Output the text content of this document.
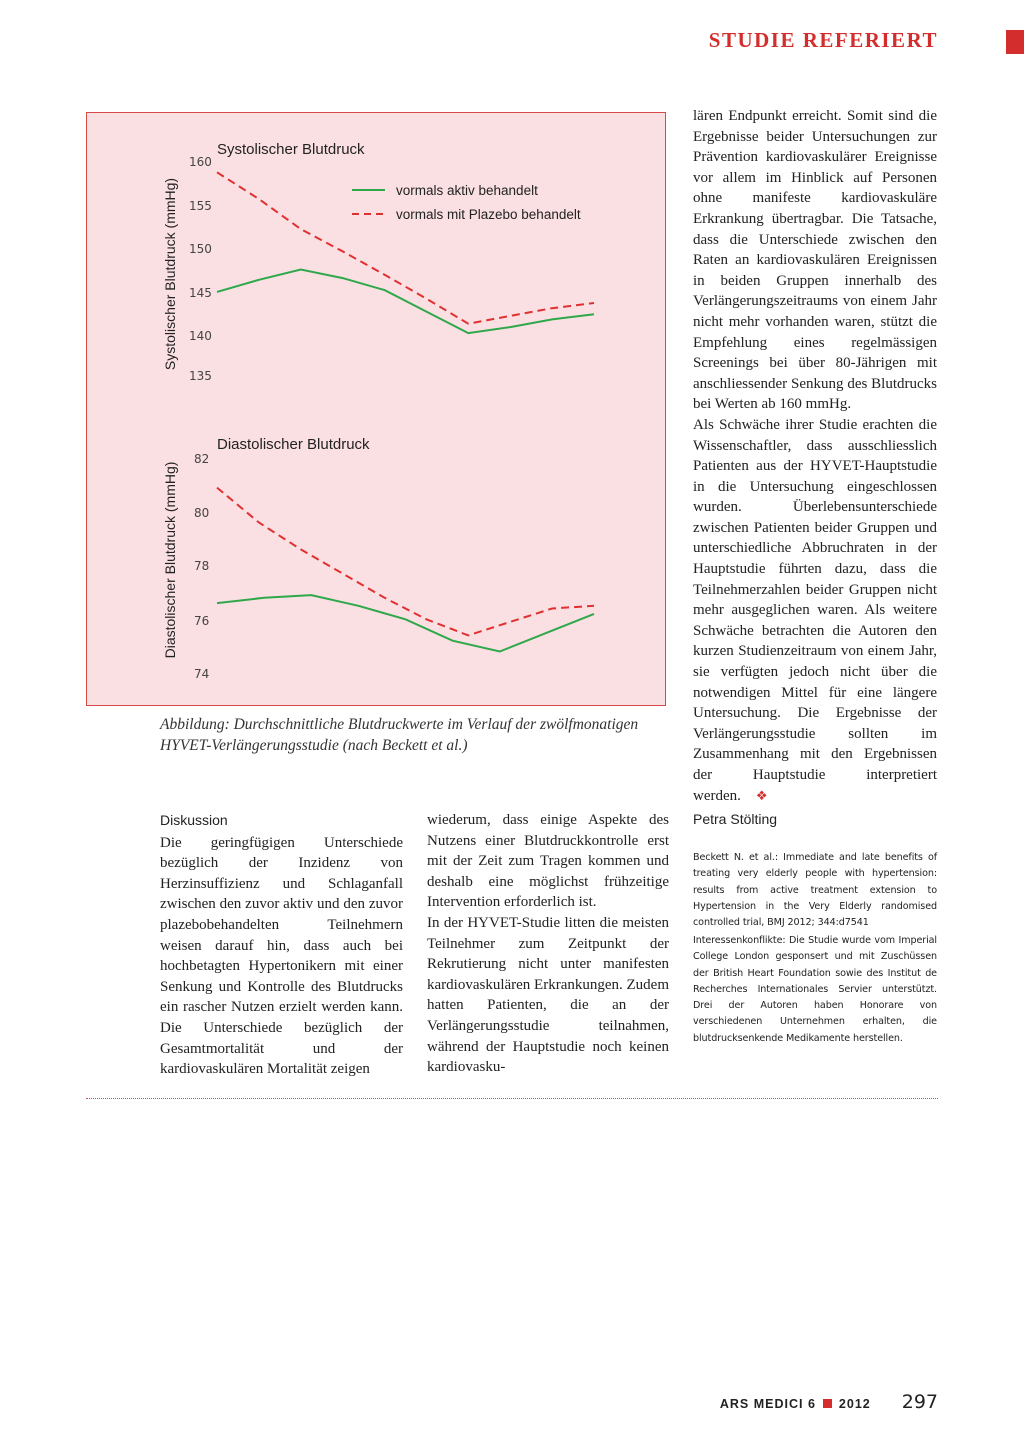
STUDIE REFERIERT
Systolischer Blutdruck
Systolischer Blutdruck (mmHg)
160
155
150
145
140
135
vormals aktiv behandelt
vormals mit Plazebo behandelt
Diastolischer Blutdruck
Diastolischer Blutdruck (mmHg)
82
80
78
76
74
Abbildung: Durchschnittliche Blutdruckwerte im Verlauf der zwölfmonatigen
HYVET-Verlängerungsstudie (nach Beckett et al.)
Diskussion

Die geringfügigen Unterschiede bezüglich der Inzidenz von Herzinsuffizienz und Schlaganfall zwischen den zuvor aktiv und den zuvor plazebobehandelten Teilnehmern weisen darauf hin, dass auch bei hochbetagten Hypertonikern mit einer Senkung und Kontrolle des Blutdrucks ein rascher Nutzen erzielt werden kann. Die Unterschiede bezüglich der Gesamtmortalität und der kardiovaskulären Mortalität zeigen

wiederum, dass einige Aspekte des Nutzens einer Blutdruckkontrolle erst mit der Zeit zum Tragen kommen und deshalb eine möglichst frühzeitige Intervention erforderlich ist.

In der HYVET-Studie litten die meisten Teilnehmer zum Zeitpunkt der Rekrutierung nicht unter manifesten kardiovaskulären Erkrankungen. Zudem hatten Patienten, die an der Verlängerungsstudie teilnahmen, während der Hauptstudie noch keinen kardiovasku-

lären Endpunkt erreicht. Somit sind die Ergebnisse beider Untersuchungen zur Prävention kardiovaskulärer Ereignisse vor allem im Hinblick auf Personen ohne manifeste kardiovaskuläre Erkrankung übertragbar. Die Tatsache, dass die Unterschiede zwischen den Raten an kardiovaskulären Ereignissen in beiden Gruppen innerhalb des Verlängerungszeitraums von einem Jahr nicht mehr vorhanden waren, stützt die Empfehlung eines regelmässigen Screenings bei über 80-Jährigen mit anschliessender Senkung des Blutdrucks bei Werten ab 160 mmHg.

Als Schwäche ihrer Studie erachten die Wissenschaftler, dass ausschliesslich Patienten aus der HYVET-Hauptstudie in die Untersuchung eingeschlossen wurden. Überlebensunterschiede zwischen Patienten beider Gruppen und unterschiedliche Abbruchraten in der Hauptstudie führten dazu, dass die Teilnehmerzahlen beider Gruppen nicht mehr ausgeglichen waren. Als weitere Schwäche betrachten die Autoren den kurzen Studienzeitraum von einem Jahr, sie verfügten jedoch nicht über die notwendigen Mittel für eine längere Untersuchung. Die Ergebnisse der Verlängerungsstudie sollten im Zusammenhang mit den Ergebnissen der Hauptstudie interpretiert werden. ❖

Petra Stölting
Beckett N. et al.: Immediate and late benefits of treating very elderly people with hypertension: results from active treatment extension to Hypertension in the Very Elderly randomised controlled trial, BMJ 2012; 344:d7541
Interessenkonflikte: Die Studie wurde vom Imperial College London gesponsert und mit Zuschüssen der British Heart Foundation sowie des Institut de Recherches Internationales Servier unterstützt. Drei der Autoren haben Honorare von verschiedenen Unternehmen erhalten, die blutdrucksenkende Medikamente herstellen.
ARS MEDICI 6 2012 297
